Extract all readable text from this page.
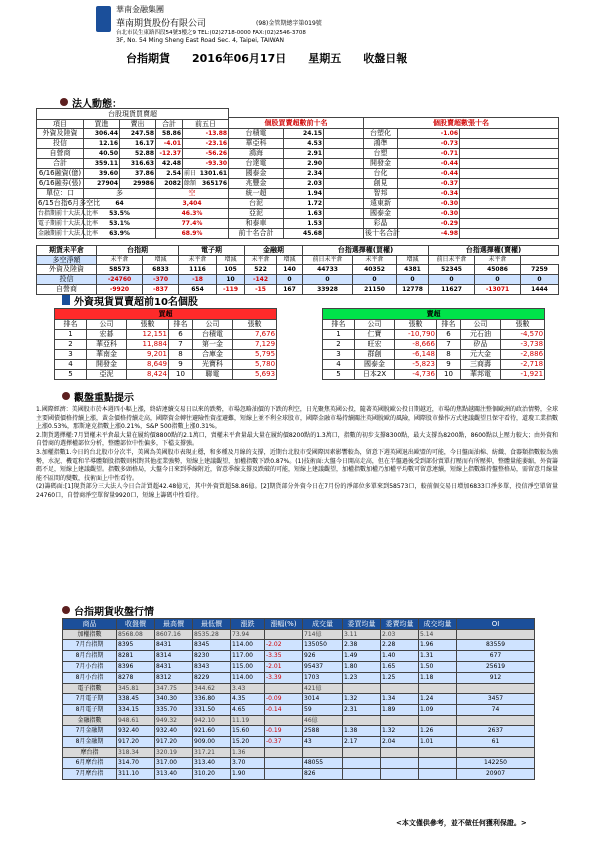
華南金融集團
華南期貨股份有限公司	(98)金管期總字第019號
台北市民生東路四段54號3樓之9 TEL:(02)2718-0000 FAX:(02)2546-3708
3F, No. 54 Ming Sheng East Road Sec. 4, Taipei, TAIWAN
台指期貨　　2016年06月17日　　星期五　　收盤日報
法人動態：
台股現貨買賣超				
項目	買進	賣出	合計	前五日
外資及陸資	306.44	247.58	58.86	-13.88
投信	12.16	16.17	-4.01	-23.16
自營商	40.50	52.88	-12.37	-56.26
合計	359.11	316.63	42.48	-93.30
6/16融資(億)	39.60	37.86	2.54	前日 1301.61
6/16融券(張)	27904	29986	2082	餘額 365176
單位：口	多		空	
6/15台指6月多空比	64		3,404	
台指期前十大法人比率	53.5%		46.3%	
電子期前十大法人比率	53.1%		77.4%	
金融期前十大法人比率	63.9%		68.9%	
個股買賣超數前十名			個股賣超數張十名		
台積電	24.15		台塑化	-1.06	
華亞科	4.53		鴻準	-0.73	
鴻海	2.91		台塑	-0.71	
台達電	2.90		開發金	-0.44	
國泰金	2.34		台化	-0.44	
兆豐金	2.03		創見	-0.37	
統一超	1.94		智邦	-0.34	
台泥	1.72		遠東新	-0.30	
亞泥	1.63		國泰金	-0.30	
和泰車	1.53		彩晶	-0.29	
前十名合計	45.68		後十名合計	-4.98	
期貨未平倉	台指期		電子期		金融期		台指選擇權(買權)			台指選擇權(賣權)		
多空淨額	未平倉	增減	未平倉	增減	未平倉	增減	前日未平倉	未平倉	增減	前日未平倉	未平倉	
外資及陸資	58573	6833	1116	105	522	140	44733	40352	4381	52345	45086	7259
投信	-24760	-370	-18	10	-142	0	0	0	0	0	0	0
自營商	-9920	-837	654	-119	-15	167	33928	21150	12778	11627	-13071	1444
外資現貨買賣超前10名個股
買超					
排名	公司	張數	排名	公司	張數
1	宏碁	12,151	6	台積電	7,676
2	華亞科	11,884	7	第一金	7,129
3	華南金	9,201	8	合庫金	5,795
4	開發金	8,649	9	光寶科	5,780
5	亞泥	8,424	10	聯電	5,693
賣超					
排名	公司	張數	排名	公司	張數
1	仁寶	-10,790	6	元石油	-4,570
2	旺宏	-8,666	7	矽品	-3,738
3	群創	-6,148	8	元大金	-2,886
4	國泰金	-5,823	9	三商壽	-2,718
5	日本2X	-4,736	10	華邦電	-1,921
觀盤重點提示

1.國際經濟：美國股市於本週四小幅上漲，終結連續交易日以來的跌勢，市場忽略油價的下跌的利空，日光聚焦英國公投，隨著英國脫歐公投日期越近，市場的焦點越關注整個歐洲的政治情勢，全球主要國債價格持續上漲，黃金價格持續走高，國際資金轉往避險性資產避難，短線上並不利全球股市，國際金融市場持續關注英國脫歐的風險，國際股市操作方式建議觀望且保守看待，道瓊工業指數上漲0.53%，那斯達克指數上漲0.21%，S&P 500指數上漲0.31%。

2.期貨選擇權:7月買權未平倉最大量在履約價8800點的2.1萬口，賣權未平倉量最大量在履約價8200點的1.3萬口，指數的初步支撐8300點，最大支撐為8200點，8600點以上壓力較大；由外資和自營商的選擇權部位分析，整體部位中性偏多，下檔支撐強。

3.加權指數1.今日的台北股市分次半，美國為美國股市表現止穩，和多種及月線的支撐，近期台北股市受國際因素影響較為，留意下週英國退出歐盟的可能，今日盤面油棉、紡織、食器類指數較為強勢，水泥、機電和半導體類股指數則相對其他產業強勢，短線上建議觀望，加權指數下跌0.87%。(1)技術面:大盤今日開高走高，但在半盤過後受到部份賣單打壓而有所壓抑，整體量能萎縮，外資籌碼不足，短線上建議觀望。指數多頭格局，大盤今日來到季線附近，留意季線支撐及跌破的可能，短線上建議觀望，加權指數加權乃加權平均數可留意連續，短線上指數維持盤整格局，需留意月線量能不區間的變數，技術面上中性看待。

(2)籌碼面:[1]現貨部分三大法人今日合計買超42.48億元，其中外資買超58.86億。[2]期貨部分外資今日在7月份的淨部位多單來到58573口，較前個交易日增加6833口淨多單，投信淨空單留量24760口，自營商淨空單留量9920口，短線上籌碼中性看待。

台指期貨收盤行情
商品	收盤價	最高價	最低價	漲跌	漲幅(%)	成交量	委買均量	委賣均量	成交均量	OI
加權指數	8568.08	8607.16	8535.28	73.94		714億	3.11	2.03	5.14	
7月台指期	8395	8431	8345	114.00	-2.02	135050	2.38	2.28	1.96	83559
8月台指期	8281	8314	8230	117.00	-3.35	926	1.49	1.40	1.31	677
7月小台指	8396	8431	8343	115.00	-2.01	95437	1.80	1.65	1.50	25619
8月小台指	8278	8312	8229	114.00	-3.39	1703	1.23	1.25	1.18	912
電子指數	345.81	347.75	344.62	3.43		421億				
7月電子期	338.45	340.30	336.80	4.35	-0.09	3014	1.32	1.34	1.24	3457
8月電子期	334.15	335.70	331.50	4.65	-0.14	59	2.31	1.89	1.09	74
金融指數	948.61	949.32	942.10	11.19		46億				
7月金融期	932.40	932.40	921.60	15.60	-0.19	2588	1.38	1.32	1.26	2637
8月金融期	917.20	917.20	909.00	15.20	-0.37	43	2.17	2.04	1.01	61
摩台指	318.34	320.19	317.21	1.36						
6月摩台指	314.70	317.00	313.40	3.70		48055				142250
7月摩台指	311.10	313.40	310.20	1.90		826				20907
<本文僅供參考，並不做任何獲利保證。>
